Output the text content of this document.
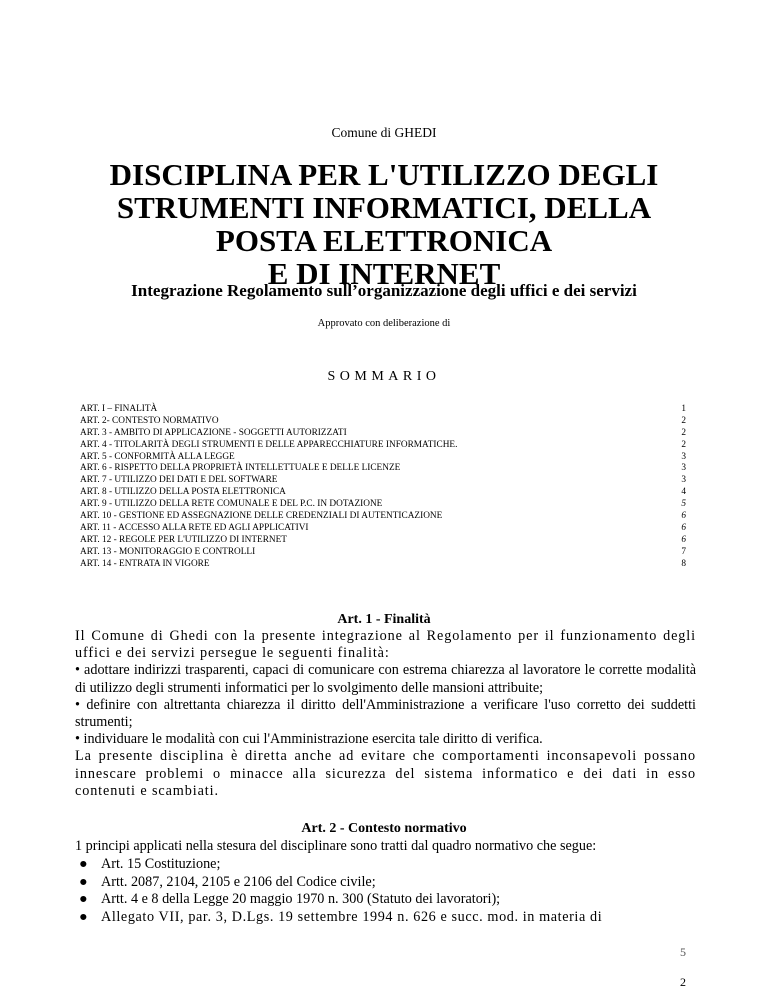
Comune di GHEDI
DISCIPLINA PER L'UTILIZZO DEGLI
STRUMENTI INFORMATICI, DELLA
POSTA ELETTRONICA
E DI INTERNET
Integrazione Regolamento sull’organizzazione degli uffici e dei servizi
Approvato con deliberazione di
SOMMARIO
ART. I – FINALITÀ	1
ART. 2- CONTESTO NORMATIVO	2
ART. 3 - AMBITO DI APPLICAZIONE - SOGGETTI AUTORIZZATI	2
ART. 4 - TITOLARITÀ DEGLI STRUMENTI E DELLE APPARECCHIATURE INFORMATICHE.	2
ART. 5 - CONFORMITÀ ALLA LEGGE	3
ART. 6 - RISPETTO DELLA PROPRIETÀ INTELLETTUALE E DELLE LICENZE	3
ART. 7 - UTILIZZO DEI DATI E DEL SOFTWARE	3
ART. 8 - UTILIZZO DELLA POSTA ELETTRONICA	4
ART. 9 - UTILIZZO DELLA RETE COMUNALE E DEL P.C. IN DOTAZIONE	5
ART. 10 - GESTIONE ED ASSEGNAZIONE DELLE CREDENZIALI DI AUTENTICAZIONE	6
ART. 11 - ACCESSO ALLA RETE ED AGLI APPLICATIVI	6
ART. 12 - REGOLE PER L'UTILIZZO DI INTERNET	6
ART. 13 - MONITORAGGIO E CONTROLLI	7
ART. 14 - ENTRATA IN VIGORE	8
Art. 1 - Finalità

Il Comune di Ghedi con la presente integrazione al Regolamento per il funzionamento degli uffici e dei servizi persegue le seguenti finalità:

• adottare indirizzi trasparenti, capaci di comunicare con estrema chiarezza al lavoratore le corrette modalità di utilizzo degli strumenti informatici per lo svolgimento delle mansioni attribuite;

• definire con altrettanta chiarezza il diritto dell'Amministrazione a verificare l'uso corretto dei suddetti strumenti;

• individuare le modalità con cui l'Amministrazione esercita tale diritto di verifica.

La presente disciplina è diretta anche ad evitare che comportamenti inconsapevoli possano innescare problemi o minacce alla sicurezza del sistema informatico e dei dati in esso contenuti e scambiati.

Art. 2 - Contesto normativo

1 principi applicati nella stesura del disciplinare sono tratti dal quadro normativo che segue:

● Art. 15 Costituzione;
● Artt. 2087, 2104, 2105 e 2106 del Codice civile;
● Artt. 4 e 8 della Legge 20 maggio 1970 n. 300 (Statuto dei lavoratori);
● Allegato VII, par. 3, D.Lgs. 19 settembre 1994 n. 626 e succ. mod. in materia di
5
2
